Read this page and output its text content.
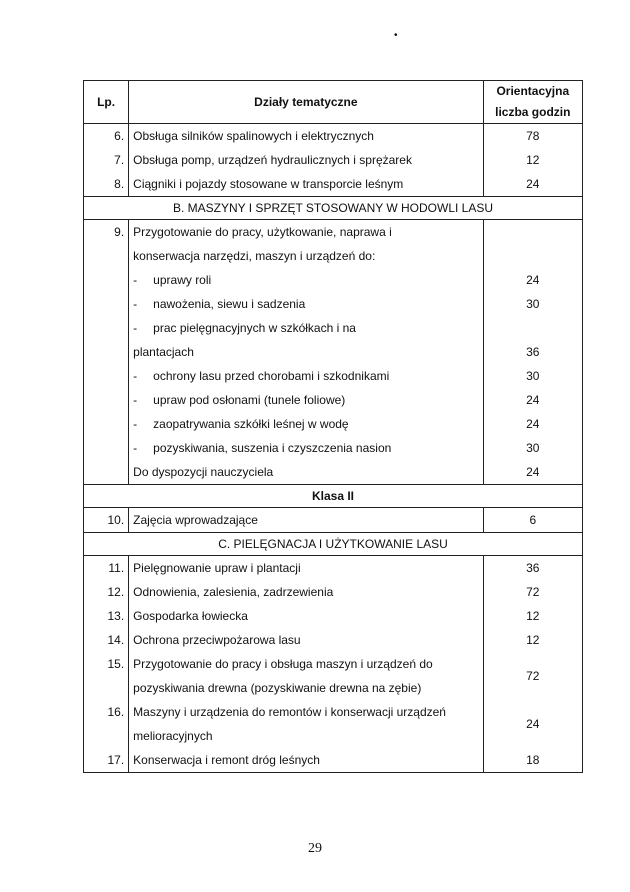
•
Lp.	Działy tematyczne	Orientacyjna
liczba godzin

6.	Obsługa silników spalinowych i elektrycznych	78
7.	Obsługa pomp, urządzeń hydraulicznych i sprężarek	12
8.	Ciągniki i pojazdy stosowane w transporcie leśnym	24
B. MASZYNY I SPRZĘT STOSOWANY W HODOWLI LASU		
9.	Przygotowanie do pracy, użytkowanie, naprawa i	
	konserwacja narzędzi, maszyn i urządzeń do:	
	- uprawy roli	24
	- nawożenia, siewu i sadzenia	30
	- prac pielęgnacyjnych w szkółkach i na	
	plantacjach	36
	- ochrony lasu przed chorobami i szkodnikami	30
	- upraw pod osłonami (tunele foliowe)	24
	- zaopatrywania szkółki leśnej w wodę	24
	- pozyskiwania, suszenia i czyszczenia nasion	30
	Do dyspozycji nauczyciela	24
Klasa II		
10.	Zajęcia wprowadzające	6
C. PIELĘGNACJA I UŻYTKOWANIE LASU		
11.	Pielęgnowanie upraw i plantacji	36
12.	Odnowienia, zalesienia, zadrzewienia	72
13.	Gospodarka łowiecka	12
14.	Ochrona przeciwpożarowa lasu	12
15.	Przygotowanie do pracy i obsługa maszyn i urządzeń do	72
	pozyskiwania drewna (pozyskiwanie drewna na zębie)	
16.	Maszyny i urządzenia do remontów i konserwacji urządzeń	24
	melioracyjnych	
17.	Konserwacja i remont dróg leśnych	18
29
